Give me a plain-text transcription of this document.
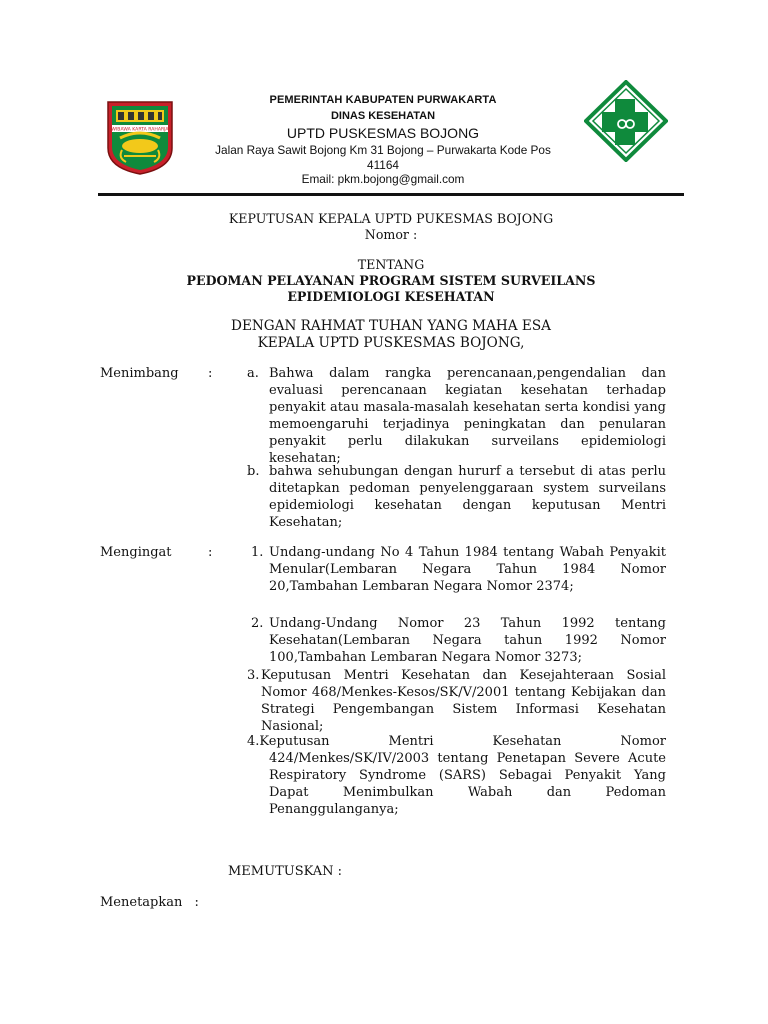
WIBAWA KARTA RAHARJA
PEMERINTAH KABUPATEN PURWAKARTA
DINAS KESEHATAN
UPTD PUSKESMAS BOJONG
Jalan Raya Sawit Bojong Km 31 Bojong – Purwakarta Kode Pos
41164
Email: pkm.bojong@gmail.com
KEPUTUSAN KEPALA UPTD PUKESMAS BOJONG
Nomor :
TENTANG
PEDOMAN PELAYANAN PROGRAM SISTEM SURVEILANS
EPIDEMIOLOGI KESEHATAN
DENGAN RAHMAT TUHAN YANG MAHA ESA
KEPALA UPTD PUSKESMAS BOJONG,
Menimbang :	a. Bahwa dalam rangka perencanaan,pengendalian dan evaluasi perencanaan kegiatan kesehatan terhadap penyakit atau masala-masalah kesehatan serta kondisi yang memoengaruhi terjadinya peningkatan dan penularan penyakit perlu dilakukan surveilans epidemiologi kesehatan;
b. bahwa sehubungan dengan hururf a tersebut di atas perlu ditetapkan pedoman penyelenggaraan system surveilans epidemiologi kesehatan dengan keputusan Mentri Kesehatan;
Mengingat	:	1. Undang-undang No 4 Tahun 1984 tentang Wabah Penyakit Menular(Lembaran Negara Tahun 1984 Nomor 20,Tambahan Lembaran Negara Nomor 2374;
2. Undang-Undang Nomor 23 Tahun 1992 tentang Kesehatan(Lembaran Negara tahun 1992 Nomor 100,Tambahan Lembaran Negara Nomor 3273;
3. Keputusan Mentri Kesehatan dan Kesejahteraan Sosial Nomor 468/Menkes-Kesos/SK/V/2001 tentang Kebijakan dan Strategi Pengembangan Sistem Informasi Kesehatan Nasional;
4.Keputusan Mentri Kesehatan Nomor
424/Menkes/SK/IV/2003 tentang Penetapan Severe Acute Respiratory Syndrome (SARS) Sebagai Penyakit Yang Dapat Menimbulkan Wabah dan Pedoman Penanggulanganya;
MEMUTUSKAN :
Menetapkan :
